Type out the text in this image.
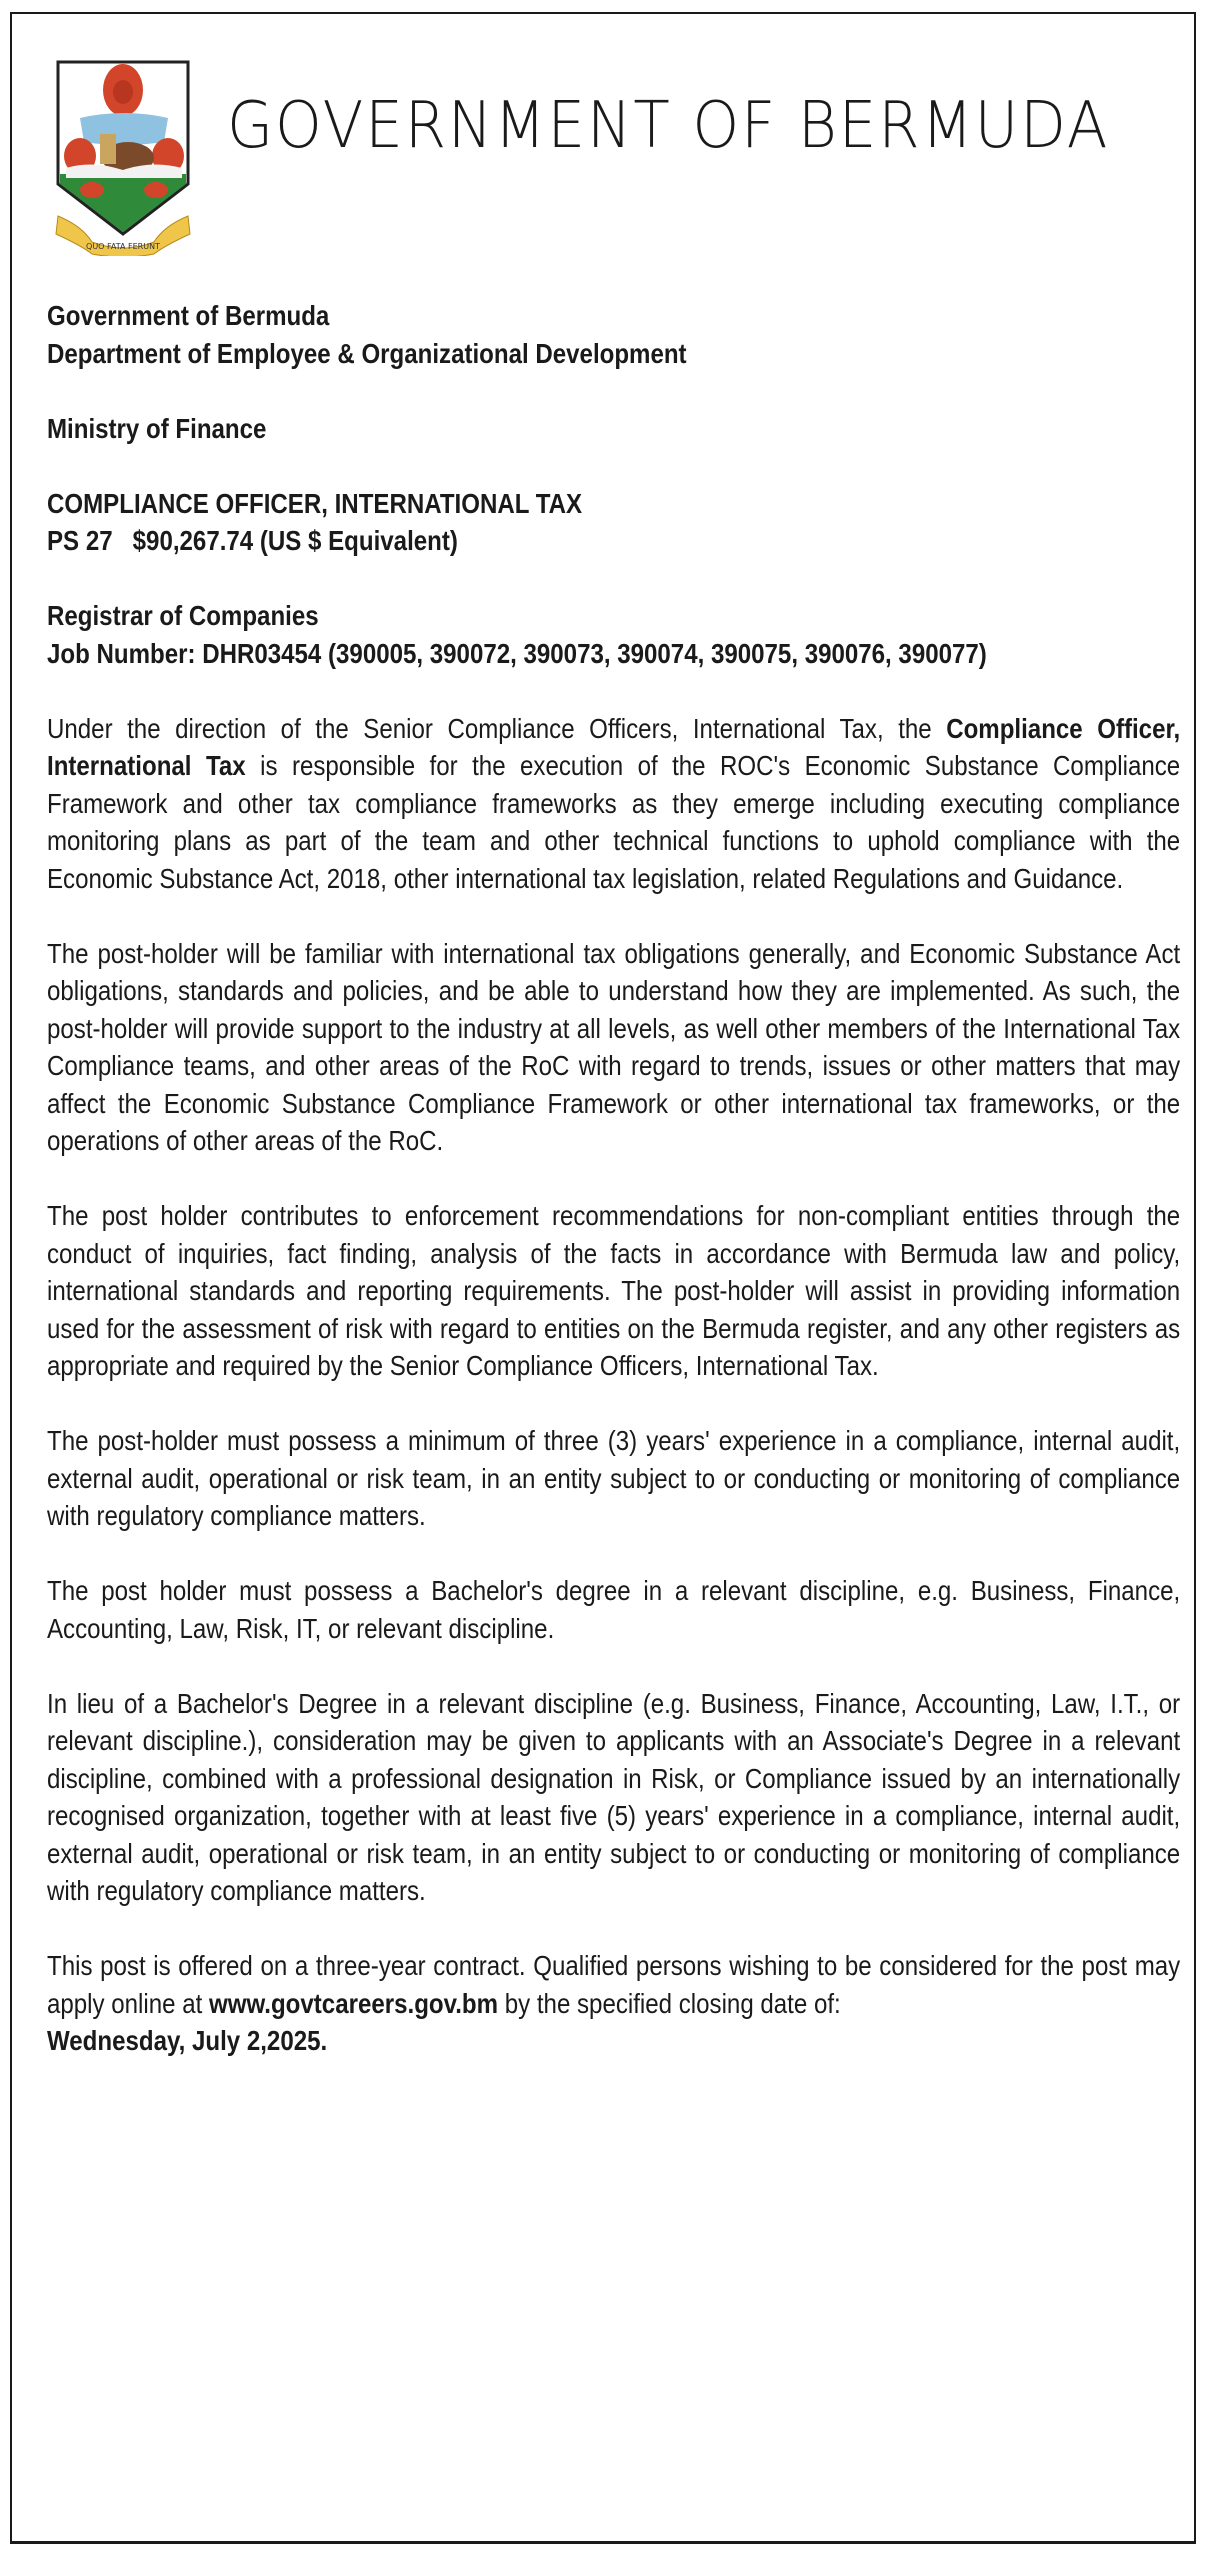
QUO FATA FERUNT
GOVERNMENT OF BERMUDA
Government of Bermuda
Department of Employee & Organizational Development
Ministry of Finance
COMPLIANCE OFFICER, INTERNATIONAL TAX
PS 27   $90,267.74 (US $ Equivalent)
Registrar of Companies
Job Number: DHR03454 (390005, 390072, 390073, 390074, 390075, 390076, 390077)

Under the direction of the Senior Compliance Officers, International Tax, the Compliance Officer, International Tax is responsible for the execution of the ROC's Economic Substance Compliance Framework and other tax compliance frameworks as they emerge including executing compliance monitoring plans as part of the team and other technical functions to uphold compliance with the Economic Substance Act, 2018, other international tax legislation, related Regulations and Guidance.

The post-holder will be familiar with international tax obligations generally, and Economic Substance Act obligations, standards and policies, and be able to understand how they are implemented. As such, the post-holder will provide support to the industry at all levels, as well other members of the International Tax Compliance teams, and other areas of the RoC with regard to trends, issues or other matters that may affect the Economic Substance Compliance Framework or other international tax frameworks, or the operations of other areas of the RoC.

The post holder contributes to enforcement recommendations for non-compliant entities through the conduct of inquiries, fact finding, analysis of the facts in accordance with Bermuda law and policy, international standards and reporting requirements. The post-holder will assist in providing information used for the assessment of risk with regard to entities on the Bermuda register, and any other registers as appropriate and required by the Senior Compliance Officers, International Tax.

The post-holder must possess a minimum of three (3) years' experience in a compliance, internal audit, external audit, operational or risk team, in an entity subject to or conducting or monitoring of compliance with regulatory compliance matters.

The post holder must possess a Bachelor's degree in a relevant discipline, e.g. Business, Finance, Accounting, Law, Risk, IT, or relevant discipline.

In lieu of a Bachelor's Degree in a relevant discipline (e.g. Business, Finance, Accounting, Law, I.T., or relevant discipline.), consideration may be given to applicants with an Associate's Degree in a relevant discipline, combined with a professional designation in Risk, or Compliance issued by an internationally recognised organization, together with at least five (5) years' experience in a compliance, internal audit, external audit, operational or risk team, in an entity subject to or conducting or monitoring of compliance with regulatory compliance matters.

This post is offered on a three-year contract. Qualified persons wishing to be considered for the post may apply online at www.govtcareers.gov.bm by the specified closing date of:

Wednesday, July 2,2025.
